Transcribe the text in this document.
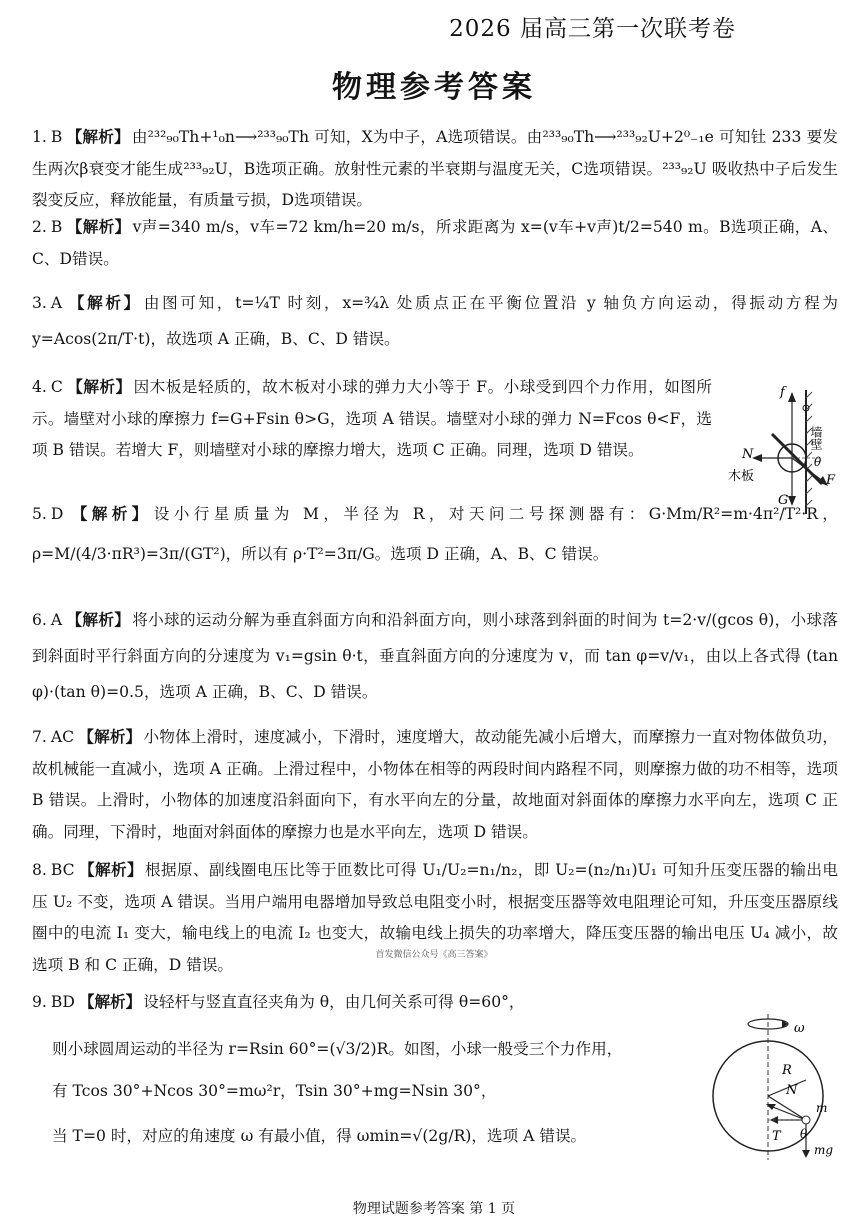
2026 届高三第一次联考卷
物理参考答案
1. B 【解析】 由²³²₉₀Th+¹₀n⟶²³³₉₀Th 可知，X为中子，A选项错误。由²³³₉₀Th⟶²³³₉₂U+2⁰₋₁e 可知钍 233 要发生两次β衰变才能生成²³³₉₂U，B选项正确。放射性元素的半衰期与温度无关，C选项错误。²³³₉₂U 吸收热中子后发生裂变反应，释放能量，有质量亏损，D选项错误。
2. B 【解析】 v声=340 m/s，v车=72 km/h=20 m/s，所求距离为 x=(v车+v声)t/2=540 m。B选项正确，A、C、D错误。
3. A 【解析】 由图可知，t=¼T 时刻，x=¾λ 处质点正在平衡位置沿 y 轴负方向运动，得振动方程为 y=Acos(2π/T·t)，故选项 A 正确，B、C、D 错误。
4. C 【解析】 因木板是轻质的，故木板对小球的弹力大小等于 F。小球受到四个力作用，如图所示。墙壁对小球的摩擦力 f=G+Fsin θ>G，选项 A 错误。墙壁对小球的弹力 N=Fcos θ<F，选项 B 错误。若增大 F，则墙壁对小球的摩擦力增大，选项 C 正确。同理，选项 D 错误。
f
墙壁
N
木板
θ
F
G
5. D 【解析】 设小行星质量为 M，半径为 R，对天问二号探测器有：G·Mm/R²=m·4π²/T²·R，ρ=M/(4/3·πR³)=3π/(GT²)，所以有 ρ·T²=3π/G。选项 D 正确，A、B、C 错误。
6. A 【解析】 将小球的运动分解为垂直斜面方向和沿斜面方向，则小球落到斜面的时间为 t=2·v/(gcos θ)，小球落到斜面时平行斜面方向的分速度为 v₁=gsin θ·t，垂直斜面方向的分速度为 v，而 tan φ=v/v₁，由以上各式得 (tan φ)·(tan θ)=0.5，选项 A 正确，B、C、D 错误。
7. AC 【解析】 小物体上滑时，速度减小，下滑时，速度增大，故动能先减小后增大，而摩擦力一直对物体做负功，故机械能一直减小，选项 A 正确。上滑过程中，小物体在相等的两段时间内路程不同，则摩擦力做的功不相等，选项 B 错误。上滑时，小物体的加速度沿斜面向下，有水平向左的分量，故地面对斜面体的摩擦力水平向左，选项 C 正确。同理，下滑时，地面对斜面体的摩擦力也是水平向左，选项 D 错误。
8. BC 【解析】 根据原、副线圈电压比等于匝数比可得 U₁/U₂=n₁/n₂，即 U₂=(n₂/n₁)U₁ 可知升压变压器的输出电压 U₂ 不变，选项 A 错误。当用户端用电器增加导致总电阻变小时，根据变压器等效电阻理论可知，升压变压器原线圈中的电流 I₁ 变大，输电线上的电流 I₂ 也变大，故输电线上损失的功率增大，降压变压器的输出电压 U₄ 减小，故选项 B 和 C 正确，D 错误。
首发微信公众号《高三答案》
9. BD 【解析】 设轻杆与竖直直径夹角为 θ，由几何关系可得 θ=60°，
则小球圆周运动的半径为 r=Rsin 60°=(√3/2)R。如图，小球一般受三个力作用，
有 Tcos 30°+Ncos 30°=mω²r，Tsin 30°+mg=Nsin 30°，
当 T=0 时，对应的角速度 ω 有最小值，得 ωmin=√(2g/R)，选项 A 错误。
ω
R
N
T
m
θ
mg
物理试题参考答案 第 1 页
